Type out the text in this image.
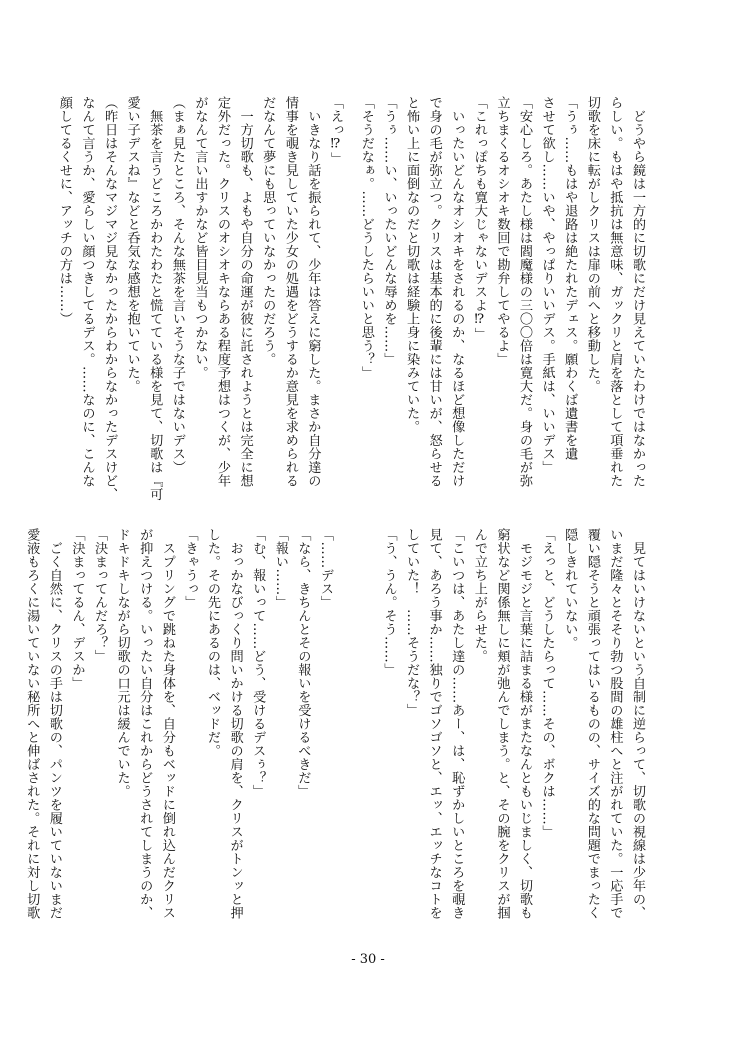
　どうやら鏡は一方的に切歌にだけ見えていたわけではなかった
らしい。もはや抵抗は無意味、ガックリと肩を落として項垂れた
切歌を床に転がしクリスは扉の前へと移動した。
「うぅ……もはや退路は絶たれたデェス。願わくば遺書を遺
させて欲し……いや、やっぱりいいデス。手紙は、いいデス」
「安心しろ。あたし様は閻魔様の三〇〇倍は寛大だ。身の毛が弥
立ちまくるオシオキ数回で勘弁してやるよ」
「これっぽちも寛大じゃないデスよ⁉︎」
　いったいどんなオシオキをされるのか、なるほど想像しただけ
で身の毛が弥立つ。クリスは基本的に後輩には甘いが、怒らせる
と怖い上に面倒なのだと切歌は経験上身に染みていた。
「うぅ……い、いったいどんな辱めを……」
「そうだなぁ。……どうしたらいいと思う？」
「えっ⁉︎」
　いきなり話を振られて、少年は答えに窮した。まさか自分達の
情事を覗き見していた少女の処遇をどうするか意見を求められる
だなんて夢にも思っていなかったのだろう。
　一方切歌も、よもや自分の命運が彼に託されようとは完全に想
定外だった。クリスのオシオキならある程度予想はつくが、少年
がなんて言い出すかなど皆目見当もつかない。
（まぁ見たところ、そんな無茶を言いそうな子ではないデス）
　無茶を言うどころかわたわたと慌てている様を見て、切歌は『可
愛い子デスね』などと呑気な感想を抱いていた。
（昨日はそんなマジマジ見なかったからわからなかったデスけど、
なんて言うか、愛らしい顔つきしてるデス。……なのに、こんな
顔してるくせに、アッチの方は……）
　見てはいけないという自制に逆らって、切歌の視線は少年の、
いまだ隆々とそそり勃つ股間の雄柱へと注がれていた。一応手で
覆い隠そうと頑張ってはいるものの、サイズ的な問題でまったく
隠しきれていない。
「えっと、どうしたらって……その、ボクは……」
　モジモジと言葉に詰まる様がまたなんともいじましく、切歌も
窮状など関係無しに頬が弛んでしまう。と、その腕をクリスが掴
んで立ち上がらせた。
「こいつは、あたし達の……あー、は、恥ずかしいところを覗き
見て、あろう事か……独りでゴソゴソと、エッ、エッチなコトを
していた！　……そうだな？」
「う、うん。そう……」
「……デス」
「なら、きちんとその報いを受けるべきだ」
「報い……」
「む、報いって……どう、受けるデスぅ？」
　おっかなびっくり問いかける切歌の肩を、クリスがトンッと押
した。その先にあるのは、ベッドだ。
「きゃうっ」
　スプリングで跳ねた身体を、自分もベッドに倒れ込んだクリス
が抑えつける。いったい自分はこれからどうされてしまうのか、
ドキドキしながら切歌の口元は緩んでいた。
「決まってんだろ？」
「決まってるん、デスか」
　ごく自然に、クリスの手は切歌の、パンツを履いていないまだ
愛液もろくに湯いていない秘所へと伸ばされた。それに対し切歌
- 30 -
